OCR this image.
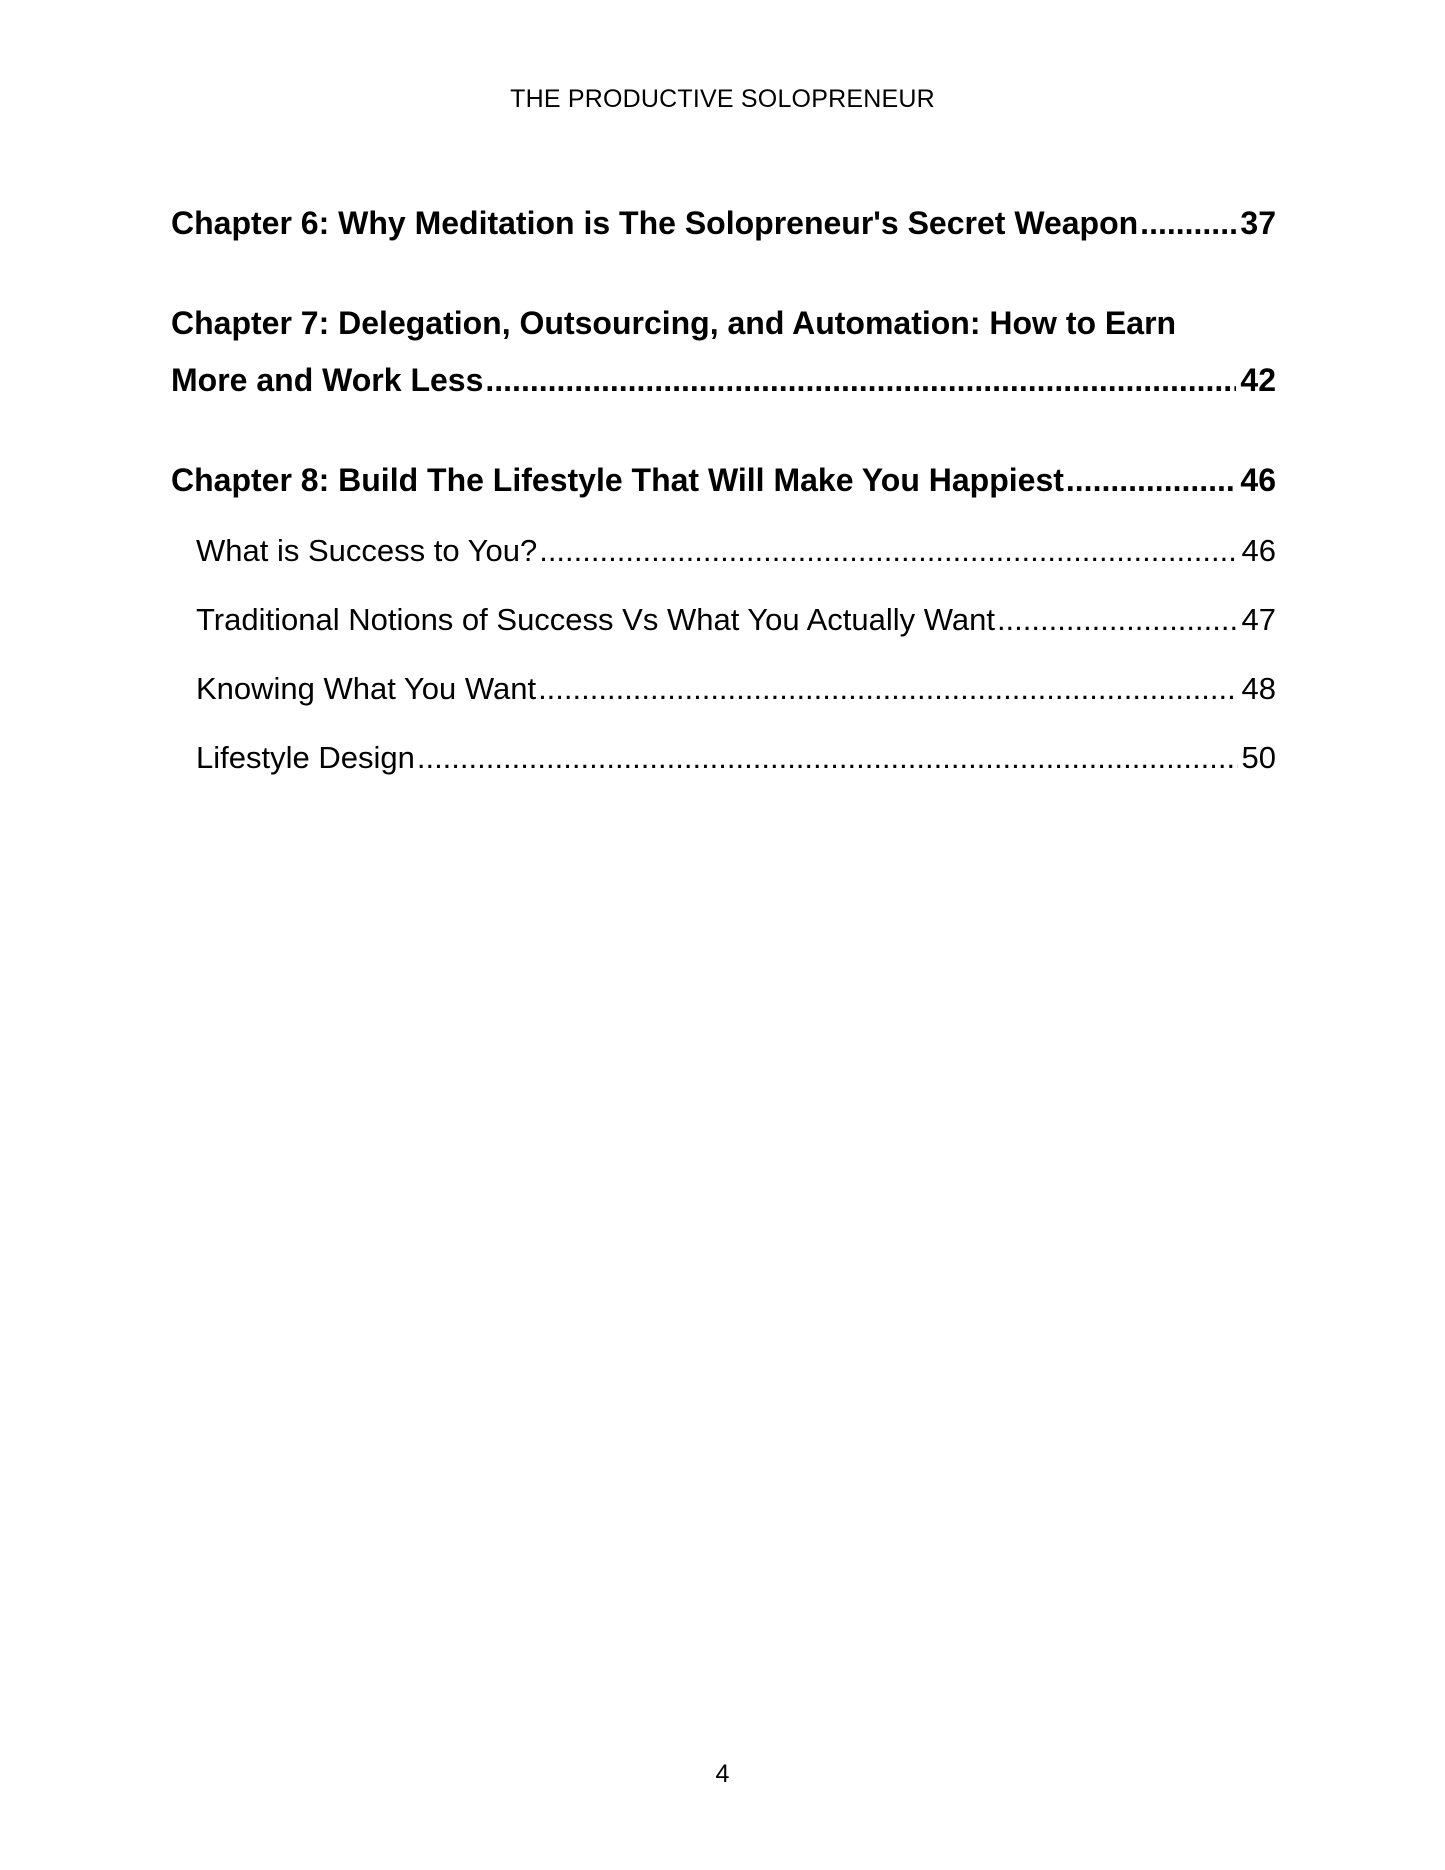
THE PRODUCTIVE SOLOPRENEUR
Chapter 6: Why Meditation is The Solopreneur's Secret Weapon .....	37
Chapter 7: Delegation, Outsourcing, and Automation: How to Earn
More and Work Less .....	42
Chapter 8: Build The Lifestyle That Will Make You Happiest .....	46
What is Success to You? .....	46
Traditional Notions of Success Vs What You Actually Want .....	47
Knowing What You Want .....	48
Lifestyle Design .....	50
4
